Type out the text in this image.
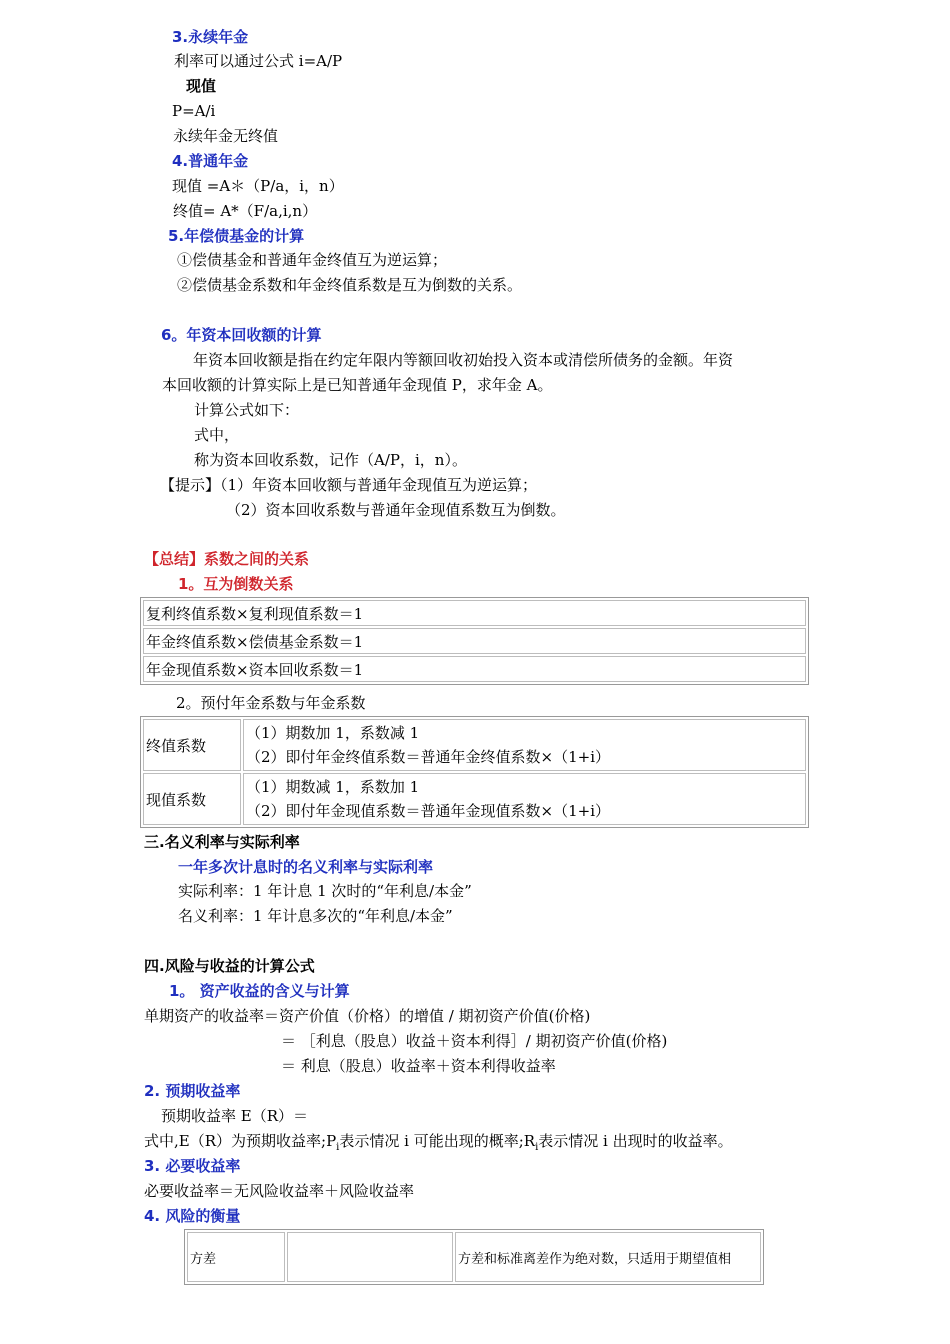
3.永续年金
利率可以通过公式 i=A/P
现值
P=A/i
永续年金无终值
4.普通年金
现值 =A＊（P/a，i，n）
终值= A*（F/a,i,n）
5.年偿债基金的计算
①偿债基金和普通年金终值互为逆运算；
②偿债基金系数和年金终值系数是互为倒数的关系。
6。年资本回收额的计算
年资本回收额是指在约定年限内等额回收初始投入资本或清偿所债务的金额。年资
本回收额的计算实际上是已知普通年金现值 P，求年金 A。
计算公式如下：
式中，
称为资本回收系数，记作（A/P，i，n）。
【提示】（1）年资本回收额与普通年金现值互为逆运算；
（2）资本回收系数与普通年金现值系数互为倒数。
【总结】系数之间的关系
1。互为倒数关系
复利终值系数×复利现值系数＝1
年金终值系数×偿债基金系数＝1
年金现值系数×资本回收系数＝1
2。预付年金系数与年金系数
终值系数	（1）期数加 1，系数减 1
（2）即付年金终值系数＝普通年金终值系数×（1+i）

现值系数	（1）期数减 1，系数加 1
（2）即付年金现值系数＝普通年金现值系数×（1+i）
三.名义利率与实际利率
一年多次计息时的名义利率与实际利率
实际利率：1 年计息 1 次时的“年利息/本金”
名义利率：1 年计息多次的“年利息/本金”
四.风险与收益的计算公式
1。 资产收益的含义与计算
单期资产的收益率＝资产价值（价格）的增值 / 期初资产价值(价格)
＝ ［利息（股息）收益＋资本利得］/ 期初资产价值(价格)
＝ 利息（股息）收益率＋资本利得收益率
2. 预期收益率
预期收益率 E（R）＝
式中,E（R）为预期收益率$;P_i$表示情况 i 可能出现的概率$;R_i$表示情况 i 出现时的收益率。
3. 必要收益率
必要收益率＝无风险收益率＋风险收益率
4. 风险的衡量
方差		方差和标准离差作为绝对数，只适用于期望值相
